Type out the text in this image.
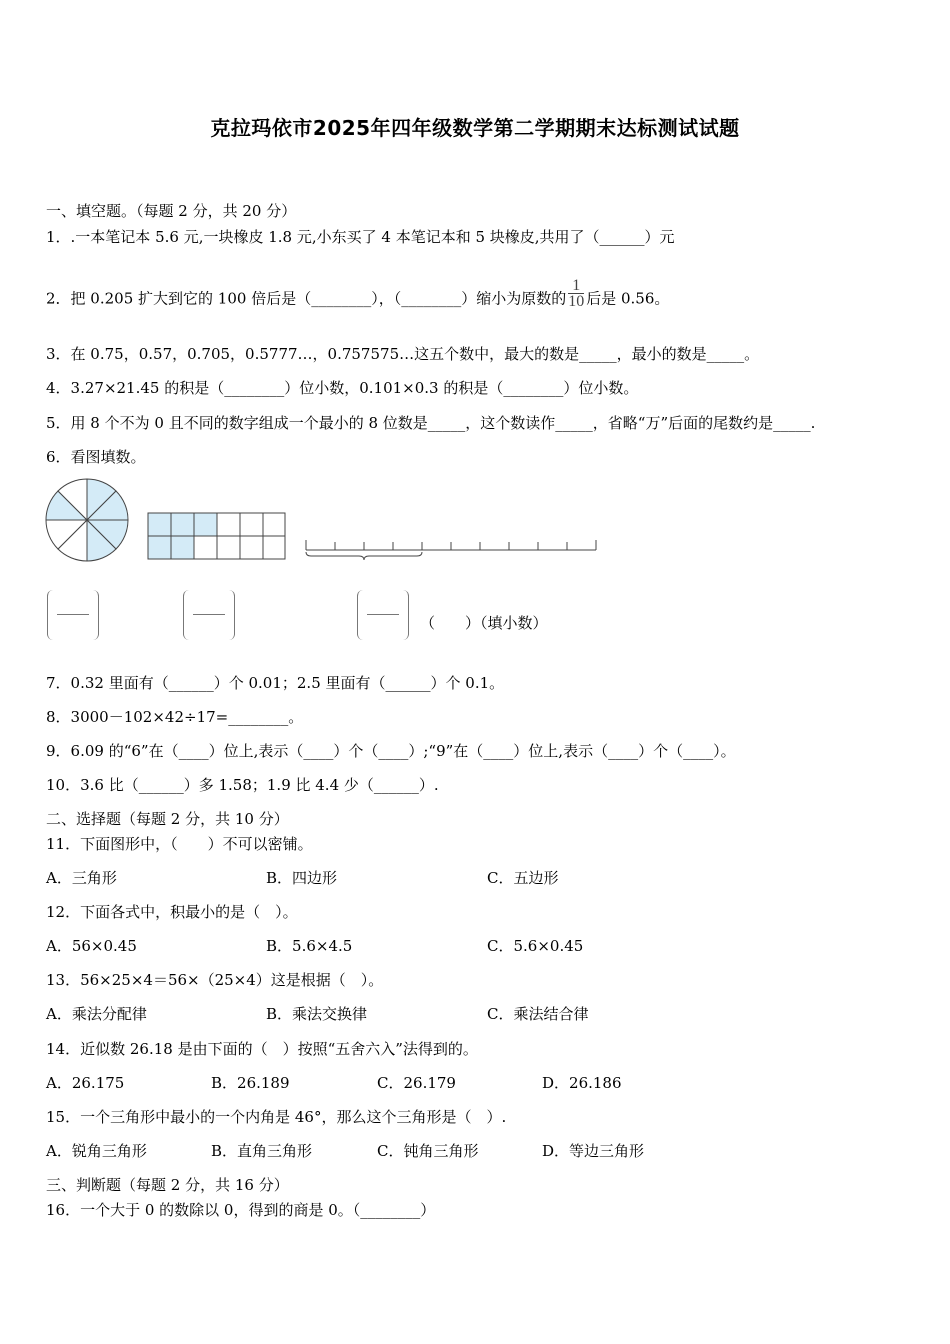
克拉玛依市2025年四年级数学第二学期期末达标测试试题
一、填空题。（每题 2 分，共 20 分）
1．.一本笔记本 5.6 元,一块橡皮 1.8 元,小东买了 4 本笔记本和 5 块橡皮,共用了（______）元
2．把 0.205 扩大到它的 100 倍后是（________），（________）缩小为原数的 $\frac{1}{10}$ 后是 0.56。
3．在 0.75，0.57，0.705，0.5777…，0.757575…这五个数中，最大的数是_____，最小的数是_____。
4．3.27×21.45 的积是（________）位小数，0.101×0.3 的积是（________）位小数。
5．用 8 个不为 0 且不同的数字组成一个最小的 8 位数是_____，这个数读作_____，省略“万”后面的尾数约是_____.
6．看图填数。
（　　）（填小数）
7．0.32 里面有（______）个 0.01；2.5 里面有（______）个 0.1。
8．3000－102×42÷17=________。
9．6.09 的“6”在（____）位上,表示（____）个（____）;“9”在（____）位上,表示（____）个（____）。
10．3.6 比（______）多 1.58；1.9 比 4.4 少（______）.
二、选择题（每题 2 分，共 10 分）
11．下面图形中，（　　）不可以密铺。
A．三角形	B．四边形	C．五边形
12．下面各式中，积最小的是（　）。
A．56×0.45	B．5.6×4.5	C．5.6×0.45
13．56×25×4＝56×（25×4）这是根据（　）。
A．乘法分配律	B．乘法交换律	C．乘法结合律
14．近似数 26.18 是由下面的（　）按照“五舍六入”法得到的。
A．26.175	B．26.189	C．26.179	D．26.186
15．一个三角形中最小的一个内角是 46°，那么这个三角形是（　）.
A．锐角三角形	B．直角三角形	C．钝角三角形	D．等边三角形
三、判断题（每题 2 分，共 16 分）
16．一个大于 0 的数除以 0，得到的商是 0。（________）
